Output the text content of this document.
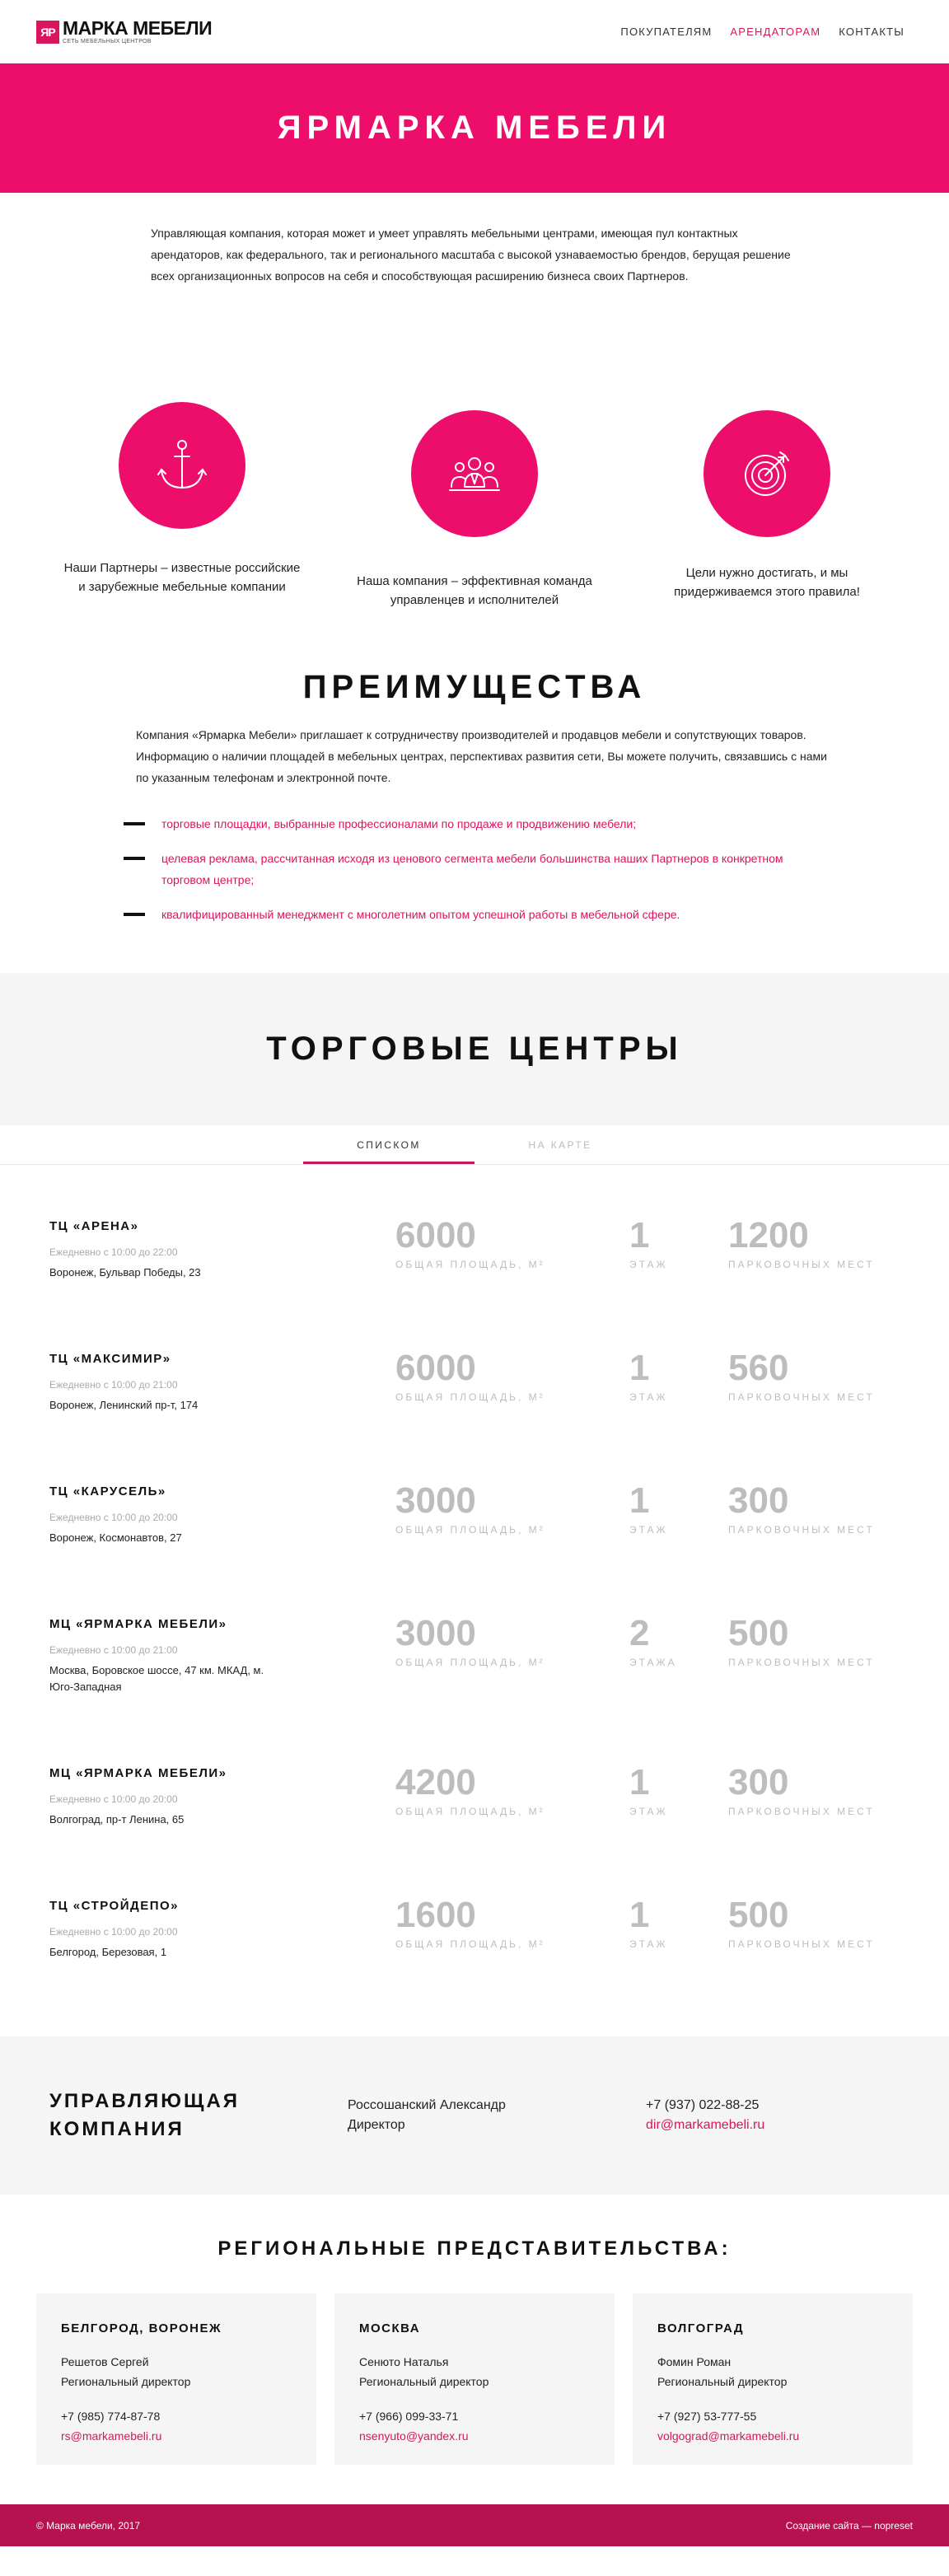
ЯР МАРКА МЕБЕЛИ
СЕТЬ МЕБЕЛЬНЫХ ЦЕНТРОВ
ПОКУПАТЕЛЯМ АРЕНДАТОРАМ КОНТАКТЫ
ЯРМАРКА МЕБЕЛИ

Управляющая компания, которая может и умеет управлять мебельными центрами, имеющая пул контактных арендаторов, как федерального, так и регионального масштаба с высокой узнаваемостью брендов, берущая решение всех организационных вопросов на себя и способствующая расширению бизнеса своих Партнеров.

Наши Партнеры – известные российские и зарубежные мебельные компании	Наша компания – эффективная команда управленцев и исполнителей

Цели нужно достигать, и мы придерживаемся этого правила!

ПРЕИМУЩЕСТВА

Компания «Ярмарка Мебели» приглашает к сотрудничеству производителей и продавцов мебели и сопутствующих товаров. Информацию о наличии площадей в мебельных центрах, перспективах развития сети, Вы можете получить, связавшись с нами по указанным телефонам и электронной почте.

торговые площадки, выбранные профессионалами по продаже и продвижению мебели;
целевая реклама, рассчитанная исходя из ценового сегмента мебели большинства наших Партнеров в конкретном торговом центре;
квалифицированный менеджмент с многолетним опытом успешной работы в мебельной сфере.
ТОРГОВЫЕ ЦЕНТРЫ
СПИСКОМ	НА КАРТЕ
ТЦ «АРЕНА»
Ежедневно с 10:00 до 22:00
Воронеж, Бульвар Победы, 23
6000
ОБЩАЯ ПЛОЩАДЬ, М²
1
ЭТАЖ
1200
ПАРКОВОЧНЫХ МЕСТ
ТЦ «МАКСИМИР»
Ежедневно с 10:00 до 21:00
Воронеж, Ленинский пр-т, 174
6000
ОБЩАЯ ПЛОЩАДЬ, М²
1
ЭТАЖ
560
ПАРКОВОЧНЫХ МЕСТ
ТЦ «КАРУСЕЛЬ»
Ежедневно с 10:00 до 20:00
Воронеж, Космонавтов, 27
3000
ОБЩАЯ ПЛОЩАДЬ, М²
1
ЭТАЖ
300
ПАРКОВОЧНЫХ МЕСТ
МЦ «ЯРМАРКА МЕБЕЛИ»
Ежедневно с 10:00 до 21:00
Москва, Боровское шоссе, 47 км. МКАД, м. Юго-Западная
3000
ОБЩАЯ ПЛОЩАДЬ, М²
2
ЭТАЖА
500
ПАРКОВОЧНЫХ МЕСТ
МЦ «ЯРМАРКА МЕБЕЛИ»
Ежедневно с 10:00 до 20:00
Волгоград, пр-т Ленина, 65
4200
ОБЩАЯ ПЛОЩАДЬ, М²
1
ЭТАЖ
300
ПАРКОВОЧНЫХ МЕСТ
ТЦ «СТРОЙДЕПО»
Ежедневно с 10:00 до 20:00
Белгород, Березовая, 1
1600
ОБЩАЯ ПЛОЩАДЬ, М²
1
ЭТАЖ
500
ПАРКОВОЧНЫХ МЕСТ
УПРАВЛЯЮЩАЯ
КОМПАНИЯ
Россошанский Александр
Директор
+7 (937) 022-88-25
dir@markamebeli.ru
РЕГИОНАЛЬНЫЕ ПРЕДСТАВИТЕЛЬСТВА:
БЕЛГОРОД, ВОРОНЕЖ
Решетов Сергей
Региональный директор
+7 (985) 774-87-78
rs@markamebeli.ru
МОСКВА
Сенюто Наталья
Региональный директор
+7 (966) 099-33-71
nsenyuto@yandex.ru
ВОЛГОГРАД
Фомин Роман
Региональный директор
+7 (927) 53-777-55
volgograd@markamebeli.ru
© Марка мебели, 2017	Создание сайта — nopreset
